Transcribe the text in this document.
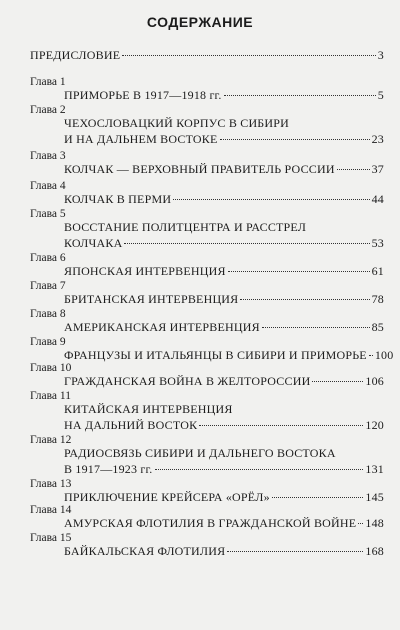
СОДЕРЖАНИЕ
ПРЕДИСЛОВИЕ	3
Глава 1
ПРИМОРЬЕ В 1917—1918 гг.	5
Глава 2
ЧЕХОСЛОВАЦКИЙ КОРПУС В СИБИРИ
И НА ДАЛЬНЕМ ВОСТОКЕ	23
Глава 3
КОЛЧАК — ВЕРХОВНЫЙ ПРАВИТЕЛЬ РОССИИ	37
Глава 4
КОЛЧАК В ПЕРМИ	44
Глава 5
ВОССТАНИЕ ПОЛИТЦЕНТРА И РАССТРЕЛ
КОЛЧАКА	53
Глава 6
ЯПОНСКАЯ ИНТЕРВЕНЦИЯ	61
Глава 7
БРИТАНСКАЯ ИНТЕРВЕНЦИЯ	78
Глава 8
АМЕРИКАНСКАЯ ИНТЕРВЕНЦИЯ	85
Глава 9
ФРАНЦУЗЫ И ИТАЛЬЯНЦЫ В СИБИРИ И ПРИМОРЬЕ 100
Глава 10
ГРАЖДАНСКАЯ ВОЙНА В ЖЕЛТОРОССИИ	106
Глава 11
КИТАЙСКАЯ ИНТЕРВЕНЦИЯ
НА ДАЛЬНИЙ ВОСТОК	120
Глава 12
РАДИОСВЯЗЬ СИБИРИ И ДАЛЬНЕГО ВОСТОКА
В 1917—1923 гг.	131
Глава 13
ПРИКЛЮЧЕНИЕ КРЕЙСЕРА «ОРЁЛ»	145
Глава 14
АМУРСКАЯ ФЛОТИЛИЯ В ГРАЖДАНСКОЙ ВОЙНЕ 148
Глава 15
БАЙКАЛЬСКАЯ ФЛОТИЛИЯ	168
